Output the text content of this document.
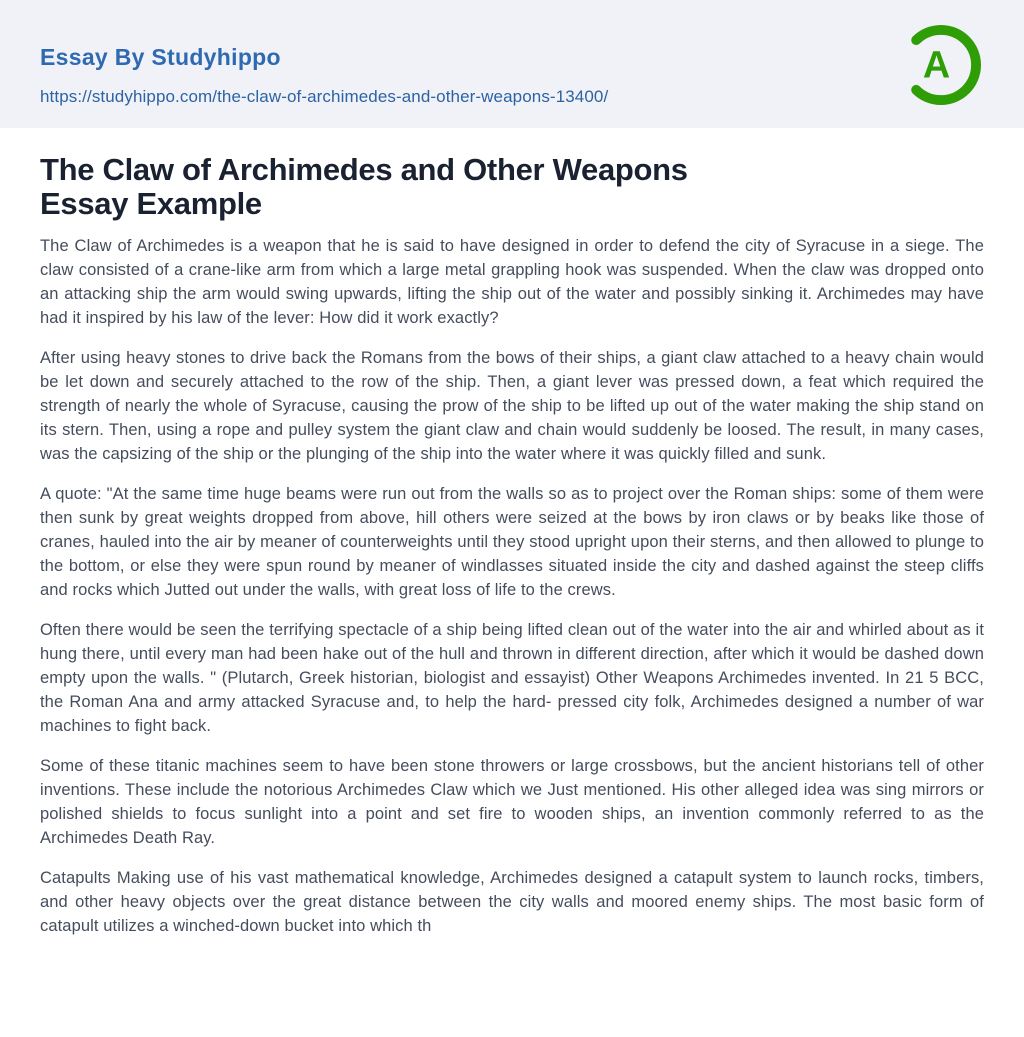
Essay By Studyhippo
https://studyhippo.com/the-claw-of-archimedes-and-other-weapons-13400/
A
The Claw of Archimedes and Other Weapons
Essay Example

The Claw of Archimedes is a weapon that he is said to have designed in order to defend the city of Syracuse in a siege. The claw consisted of a crane-like arm from which a large metal grappling hook was suspended. When the claw was dropped onto an attacking ship the arm would swing upwards, lifting the ship out of the water and possibly sinking it. Archimedes may have had it inspired by his law of the lever: How did it work exactly?

After using heavy stones to drive back the Romans from the bows of their ships, a giant claw attached to a heavy chain would be let down and securely attached to the row of the ship. Then, a giant lever was pressed down, a feat which required the strength of nearly the whole of Syracuse, causing the prow of the ship to be lifted up out of the water making the ship stand on its stern. Then, using a rope and pulley system the giant claw and chain would suddenly be loosed. The result, in many cases, was the capsizing of the ship or the plunging of the ship into the water where it was quickly filled and sunk.

A quote: "At the same time huge beams were run out from the walls so as to project over the Roman ships: some of them were then sunk by great weights dropped from above, hill others were seized at the bows by iron claws or by beaks like those of cranes, hauled into the air by meaner of counterweights until they stood upright upon their sterns, and then allowed to plunge to the bottom, or else they were spun round by meaner of windlasses situated inside the city and dashed against the steep cliffs and rocks which Jutted out under the walls, with great loss of life to the crews.

Often there would be seen the terrifying spectacle of a ship being lifted clean out of the water into the air and whirled about as it hung there, until every man had been hake out of the hull and thrown in different direction, after which it would be dashed down empty upon the walls. " (Plutarch, Greek historian, biologist and essayist) Other Weapons Archimedes invented. In 21 5 BCC, the Roman Ana and army attacked Syracuse and, to help the hard- pressed city folk, Archimedes designed a number of war machines to fight back.

Some of these titanic machines seem to have been stone throwers or large crossbows, but the ancient historians tell of other inventions. These include the notorious Archimedes Claw which we Just mentioned. His other alleged idea was sing mirrors or polished shields to focus sunlight into a point and set fire to wooden ships, an invention commonly referred to as the Archimedes Death Ray.

Catapults Making use of his vast mathematical knowledge, Archimedes designed a catapult system to launch rocks, timbers, and other heavy objects over the great distance between the city walls and moored enemy ships. The most basic form of catapult utilizes a winched-down bucket into which th
